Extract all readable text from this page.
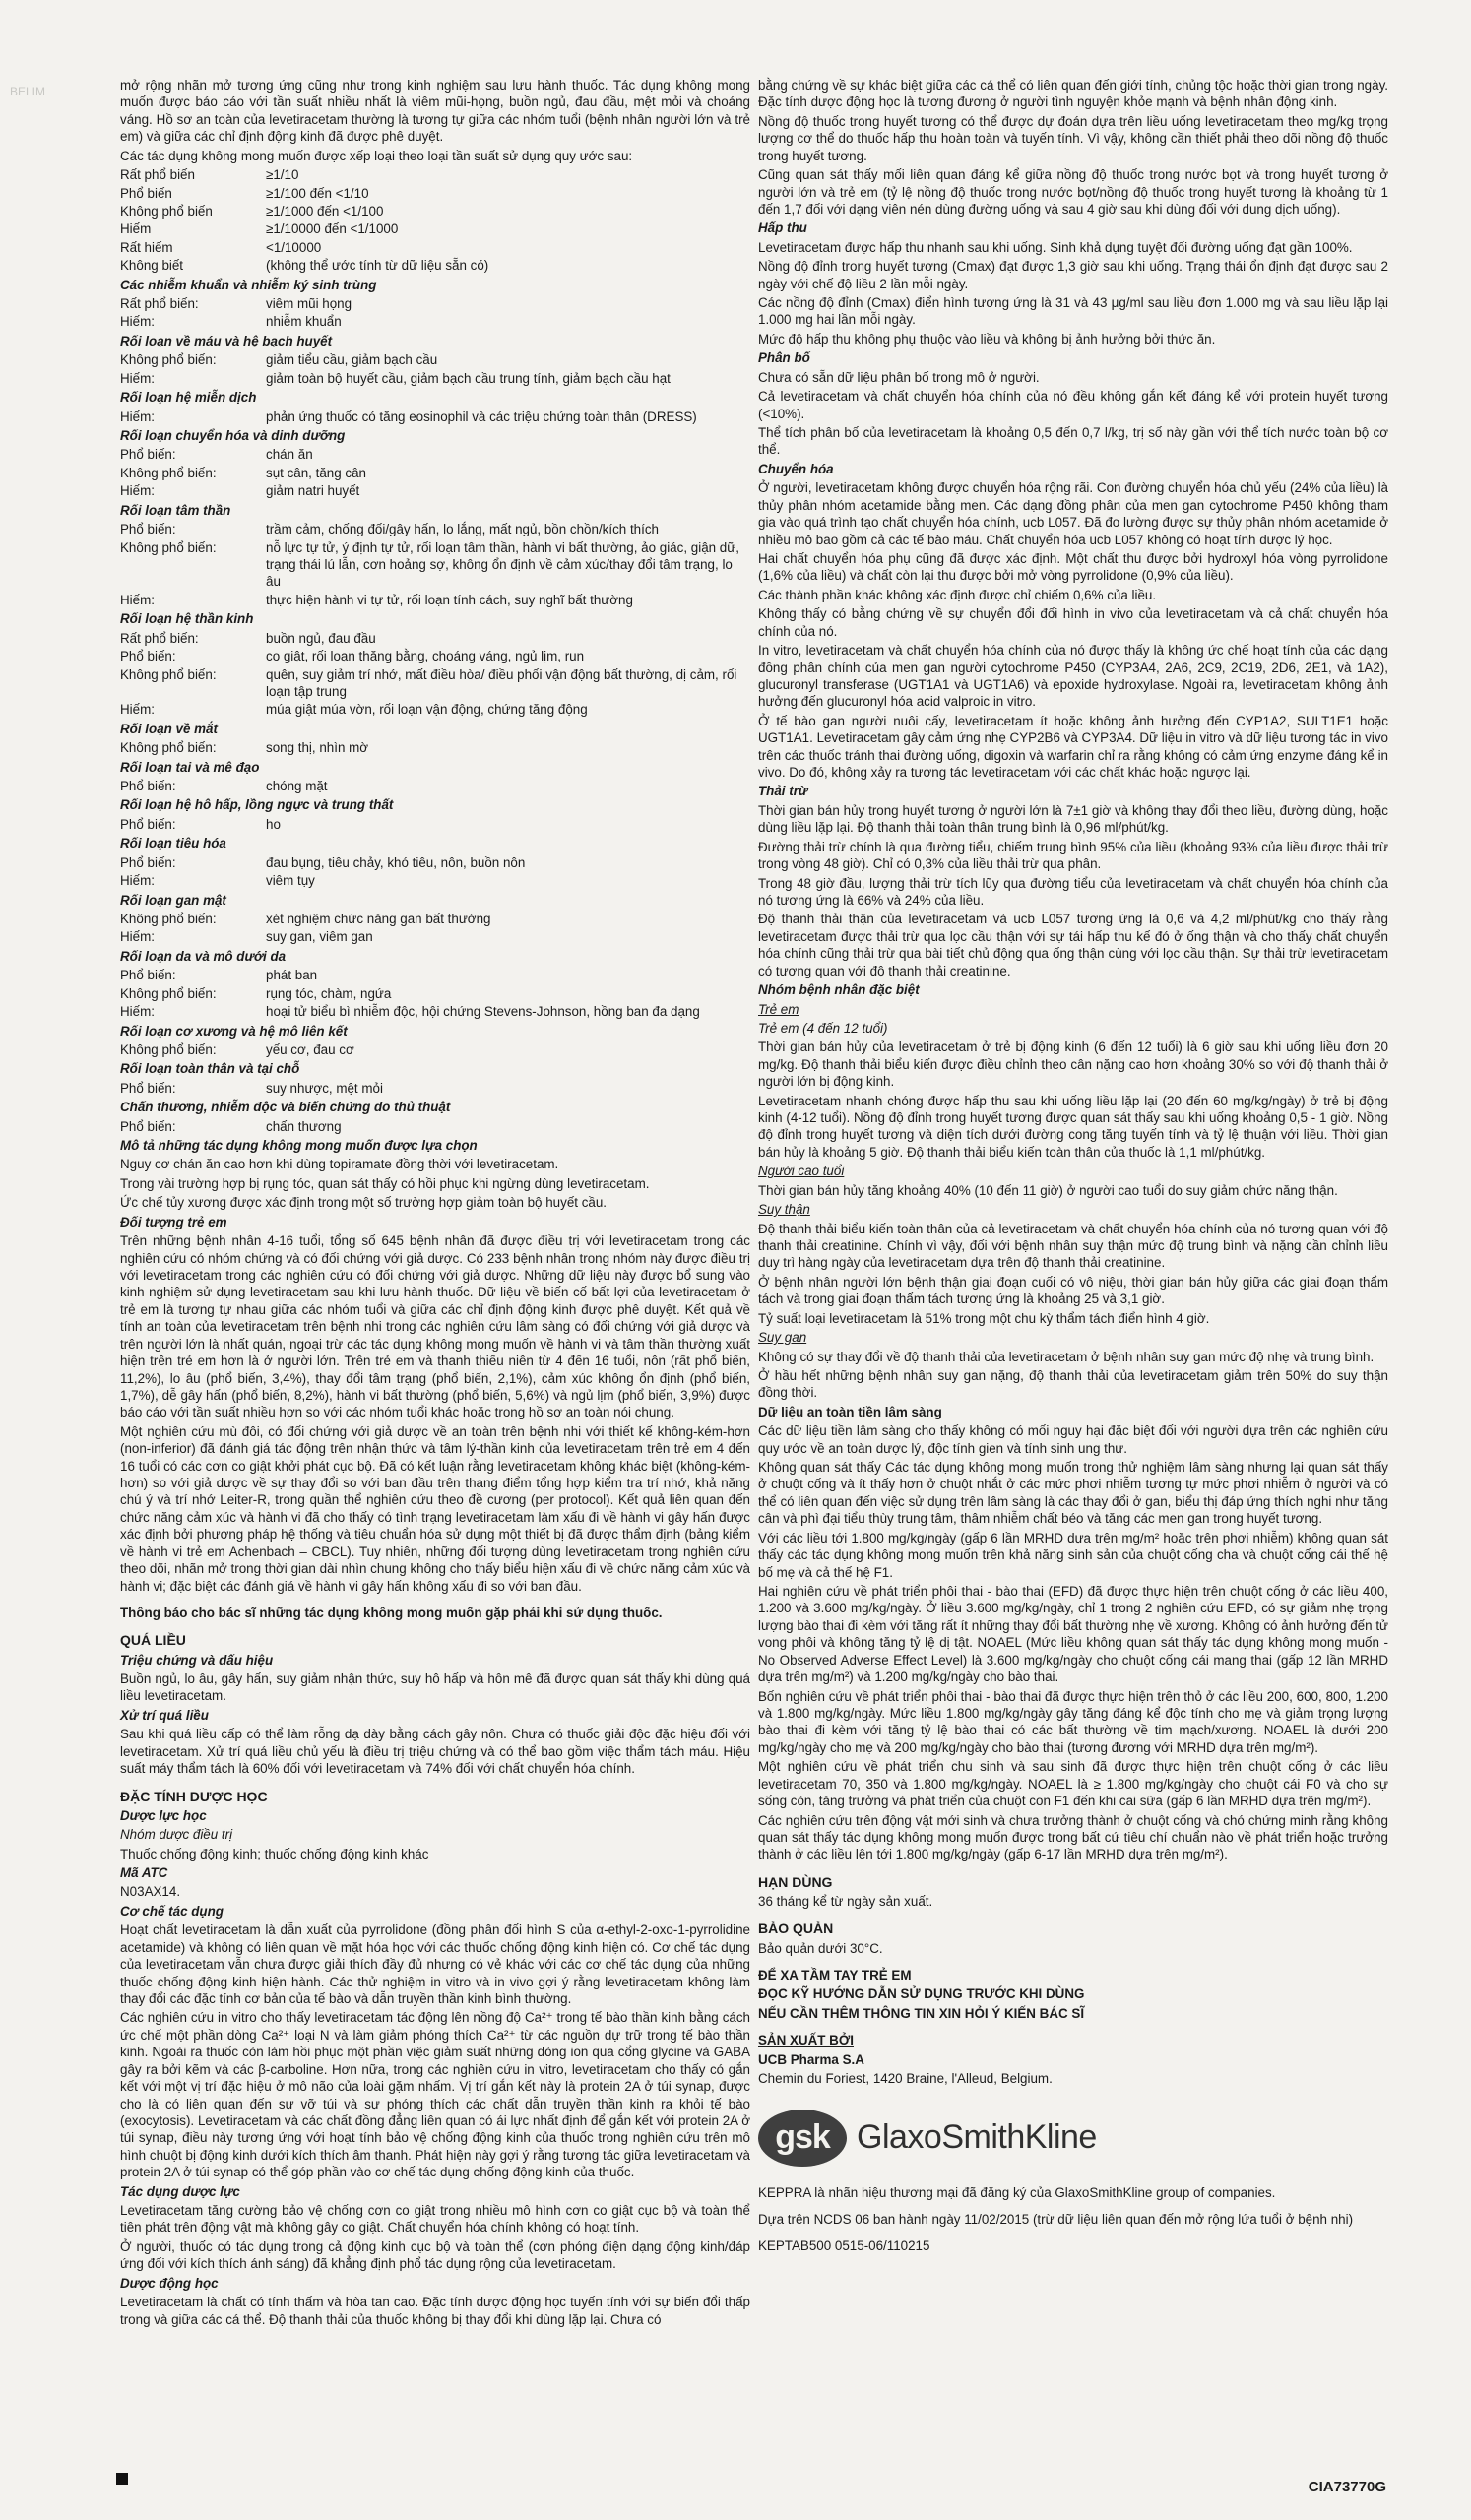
BELIM	mở rộng nhãn mở tương ứng cũng như trong kinh nghiệm sau lưu hành thuốc. Tác dụng không mong muốn được báo cáo với tần suất nhiều nhất là viêm mũi-họng, buồn ngủ, đau đầu, mệt mỏi và choáng váng. Hồ sơ an toàn của levetiracetam thường là tương tự giữa các nhóm tuổi (bệnh nhân người lớn và trẻ em) và giữa các chỉ định động kinh đã được phê duyệt.

Các tác dụng không mong muốn được xếp loại theo loại tần suất sử dụng quy ước sau:

Rất phổ biến	≥1/10
Phổ biến	≥1/100 đến <1/10
Không phổ biến	≥1/1000 đến <1/100
Hiếm	≥1/10000 đến <1/1000
Rất hiếm	<1/10000
Không biết	(không thể ước tính từ dữ liệu sẵn có)

Các nhiễm khuẩn và nhiễm ký sinh trùng

Rất phổ biến:	viêm mũi họng
Hiếm:	nhiễm khuẩn

Rối loạn về máu và hệ bạch huyết

Không phổ biến:	giảm tiểu cầu, giảm bạch cầu
Hiếm:	giảm toàn bộ huyết cầu, giảm bạch cầu trung tính, giảm bạch cầu hạt

Rối loạn hệ miễn dịch

Hiếm:	phản ứng thuốc có tăng eosinophil và các triệu chứng toàn thân (DRESS)

Rối loạn chuyển hóa và dinh dưỡng

Phổ biến:	chán ăn
Không phổ biến:	sụt cân, tăng cân
Hiếm:	giảm natri huyết

Rối loạn tâm thần

Phổ biến:	trầm cảm, chống đối/gây hấn, lo lắng, mất ngủ, bồn chồn/kích thích
Không phổ biến:	nỗ lực tự tử, ý định tự tử, rối loạn tâm thần, hành vi bất thường, ảo giác, giận dữ, trạng thái lú lẫn, cơn hoảng sợ, không ổn định về cảm xúc/thay đổi tâm trạng, lo âu
Hiếm:	thực hiện hành vi tự tử, rối loạn tính cách, suy nghĩ bất thường

Rối loạn hệ thần kinh

Rất phổ biến:	buồn ngủ, đau đầu
Phổ biến:	co giật, rối loạn thăng bằng, choáng váng, ngủ lịm, run
Không phổ biến:	quên, suy giảm trí nhớ, mất điều hòa/ điều phối vận động bất thường, dị cảm, rối loạn tập trung
Hiếm:	múa giật múa vờn, rối loạn vận động, chứng tăng động

Rối loạn về mắt

Không phổ biến:	song thị, nhìn mờ

Rối loạn tai và mê đạo

Phổ biến:	chóng mặt

Rối loạn hệ hô hấp, lồng ngực và trung thất

Phổ biến:	ho

Rối loạn tiêu hóa

Phổ biến:	đau bụng, tiêu chảy, khó tiêu, nôn, buồn nôn
Hiếm:	viêm tụy

Rối loạn gan mật

Không phổ biến:	xét nghiệm chức năng gan bất thường
Hiếm:	suy gan, viêm gan

Rối loạn da và mô dưới da

Phổ biến:	phát ban
Không phổ biến:	rụng tóc, chàm, ngứa
Hiếm:	hoại tử biểu bì nhiễm độc, hội chứng Stevens-Johnson, hồng ban đa dạng

Rối loạn cơ xương và hệ mô liên kết

Không phổ biến:	yếu cơ, đau cơ

Rối loạn toàn thân và tại chỗ

Phổ biến:	suy nhược, mệt mỏi

Chấn thương, nhiễm độc và biến chứng do thủ thuật

Phổ biến:	chấn thương

Mô tả những tác dụng không mong muốn được lựa chọn

Nguy cơ chán ăn cao hơn khi dùng topiramate đồng thời với levetiracetam.

Trong vài trường hợp bị rụng tóc, quan sát thấy có hồi phục khi ngừng dùng levetiracetam.

Ức chế tủy xương được xác định trong một số trường hợp giảm toàn bộ huyết cầu.

Đối tượng trẻ em

Trên những bệnh nhân 4-16 tuổi, tổng số 645 bệnh nhân đã được điều trị với levetiracetam trong các nghiên cứu có nhóm chứng và có đối chứng với giả dược. Có 233 bệnh nhân trong nhóm này được điều trị với levetiracetam trong các nghiên cứu có đối chứng với giả dược. Những dữ liệu này được bổ sung vào kinh nghiệm sử dụng levetiracetam sau khi lưu hành thuốc. Dữ liệu về biến cố bất lợi của levetiracetam ở trẻ em là tương tự nhau giữa các nhóm tuổi và giữa các chỉ định động kinh được phê duyệt. Kết quả về tính an toàn của levetiracetam trên bệnh nhi trong các nghiên cứu lâm sàng có đối chứng với giả dược và trên người lớn là nhất quán, ngoại trừ các tác dụng không mong muốn về hành vi và tâm thần thường xuất hiện trên trẻ em hơn là ở người lớn. Trên trẻ em và thanh thiếu niên từ 4 đến 16 tuổi, nôn (rất phổ biến, 11,2%), lo âu (phổ biến, 3,4%), thay đổi tâm trạng (phổ biến, 2,1%), cảm xúc không ổn định (phổ biến, 1,7%), dễ gây hấn (phổ biến, 8,2%), hành vi bất thường (phổ biến, 5,6%) và ngủ lịm (phổ biến, 3,9%) được báo cáo với tần suất nhiều hơn so với các nhóm tuổi khác hoặc trong hồ sơ an toàn nói chung.

Một nghiên cứu mù đôi, có đối chứng với giả dược về an toàn trên bệnh nhi với thiết kế không-kém-hơn (non-inferior) đã đánh giá tác động trên nhận thức và tâm lý-thần kinh của levetiracetam trên trẻ em 4 đến 16 tuổi có các cơn co giật khởi phát cục bộ. Đã có kết luận rằng levetiracetam không khác biệt (không-kém-hơn) so với giả dược về sự thay đổi so với ban đầu trên thang điểm tổng hợp kiểm tra trí nhớ, khả năng chú ý và trí nhớ Leiter-R, trong quần thể nghiên cứu theo đề cương (per protocol). Kết quả liên quan đến chức năng cảm xúc và hành vi đã cho thấy có tình trạng levetiracetam làm xấu đi về hành vi gây hấn được xác định bởi phương pháp hệ thống và tiêu chuẩn hóa sử dụng một thiết bị đã được thẩm định (bảng kiểm về hành vi trẻ em Achenbach – CBCL). Tuy nhiên, những đối tượng dùng levetiracetam trong nghiên cứu theo dõi, nhãn mở trong thời gian dài nhìn chung không cho thấy biểu hiện xấu đi về chức năng cảm xúc và hành vi; đặc biệt các đánh giá về hành vi gây hấn không xấu đi so với ban đầu.

Thông báo cho bác sĩ những tác dụng không mong muốn gặp phải khi sử dụng thuốc.

QUÁ LIỀU

Triệu chứng và dấu hiệu

Buồn ngủ, lo âu, gây hấn, suy giảm nhận thức, suy hô hấp và hôn mê đã được quan sát thấy khi dùng quá liều levetiracetam.

Xử trí quá liều

Sau khi quá liều cấp có thể làm rỗng dạ dày bằng cách gây nôn. Chưa có thuốc giải độc đặc hiệu đối với levetiracetam. Xử trí quá liều chủ yếu là điều trị triệu chứng và có thể bao gồm việc thẩm tách máu. Hiệu suất máy thẩm tách là 60% đối với levetiracetam và 74% đối với chất chuyển hóa chính.

ĐẶC TÍNH DƯỢC HỌC

Dược lực học

Nhóm dược điều trị

Thuốc chống động kinh; thuốc chống động kinh khác

Mã ATC

N03AX14.

Cơ chế tác dụng

Hoạt chất levetiracetam là dẫn xuất của pyrrolidone (đồng phân đối hình S của α-ethyl-2-oxo-1-pyrrolidine acetamide) và không có liên quan về mặt hóa học với các thuốc chống động kinh hiện có. Cơ chế tác dụng của levetiracetam vẫn chưa được giải thích đầy đủ nhưng có vẻ khác với các cơ chế tác dụng của những thuốc chống động kinh hiện hành. Các thử nghiệm in vitro và in vivo gợi ý rằng levetiracetam không làm thay đổi các đặc tính cơ bản của tế bào và dẫn truyền thần kinh bình thường.

Các nghiên cứu in vitro cho thấy levetiracetam tác động lên nồng độ Ca²⁺ trong tế bào thần kinh bằng cách ức chế một phần dòng Ca²⁺ loại N và làm giảm phóng thích Ca²⁺ từ các nguồn dự trữ trong tế bào thần kinh. Ngoài ra thuốc còn làm hồi phục một phần việc giảm suất những dòng ion qua cổng glycine và GABA gây ra bởi kẽm và các β-carboline. Hơn nữa, trong các nghiên cứu in vitro, levetiracetam cho thấy có gắn kết với một vị trí đặc hiệu ở mô não của loài gặm nhấm. Vị trí gắn kết này là protein 2A ở túi synap, được cho là có liên quan đến sự vỡ túi và sự phóng thích các chất dẫn truyền thần kinh ra khỏi tế bào (exocytosis). Levetiracetam và các chất đồng đẳng liên quan có ái lực nhất định để gắn kết với protein 2A ở túi synap, điều này tương ứng với hoạt tính bảo vệ chống động kinh của thuốc trong nghiên cứu trên mô hình chuột bị động kinh dưới kích thích âm thanh. Phát hiện này gợi ý rằng tương tác giữa levetiracetam và protein 2A ở túi synap có thể góp phần vào cơ chế tác dụng chống động kinh của thuốc.

Tác dụng dược lực

Levetiracetam tăng cường bảo vệ chống cơn co giật trong nhiều mô hình cơn co giật cục bộ và toàn thể tiên phát trên động vật mà không gây co giật. Chất chuyển hóa chính không có hoạt tính.

Ở người, thuốc có tác dụng trong cả động kinh cục bộ và toàn thể (cơn phóng điện dạng động kinh/đáp ứng đối với kích thích ánh sáng) đã khẳng định phổ tác dụng rộng của levetiracetam.

Dược động học

Levetiracetam là chất có tính thấm và hòa tan cao. Đặc tính dược động học tuyến tính với sự biến đổi thấp trong và giữa các cá thể. Độ thanh thải của thuốc không bị thay đổi khi dùng lặp lại. Chưa có

bằng chứng về sự khác biệt giữa các cá thể có liên quan đến giới tính, chủng tộc hoặc thời gian trong ngày. Đặc tính dược động học là tương đương ở người tình nguyện khỏe mạnh và bệnh nhân động kinh.

Nồng độ thuốc trong huyết tương có thể được dự đoán dựa trên liều uống levetiracetam theo mg/kg trọng lượng cơ thể do thuốc hấp thu hoàn toàn và tuyến tính. Vì vậy, không cần thiết phải theo dõi nồng độ thuốc trong huyết tương.

Cũng quan sát thấy mối liên quan đáng kể giữa nồng độ thuốc trong nước bọt và trong huyết tương ở người lớn và trẻ em (tỷ lệ nồng độ thuốc trong nước bọt/nồng độ thuốc trong huyết tương là khoảng từ 1 đến 1,7 đối với dạng viên nén dùng đường uống và sau 4 giờ sau khi dùng đối với dung dịch uống).

Hấp thu

Levetiracetam được hấp thu nhanh sau khi uống. Sinh khả dụng tuyệt đối đường uống đạt gần 100%.

Nồng độ đỉnh trong huyết tương (Cmax) đạt được 1,3 giờ sau khi uống. Trạng thái ổn định đạt được sau 2 ngày với chế độ liều 2 lần mỗi ngày.

Các nồng độ đỉnh (Cmax) điển hình tương ứng là 31 và 43 μg/ml sau liều đơn 1.000 mg và sau liều lặp lại 1.000 mg hai lần mỗi ngày.

Mức độ hấp thu không phụ thuộc vào liều và không bị ảnh hưởng bởi thức ăn.

Phân bố

Chưa có sẵn dữ liệu phân bố trong mô ở người.

Cả levetiracetam và chất chuyển hóa chính của nó đều không gắn kết đáng kể với protein huyết tương (<10%).

Thể tích phân bố của levetiracetam là khoảng 0,5 đến 0,7 l/kg, trị số này gần với thể tích nước toàn bộ cơ thể.

Chuyển hóa

Ở người, levetiracetam không được chuyển hóa rộng rãi. Con đường chuyển hóa chủ yếu (24% của liều) là thủy phân nhóm acetamide bằng men. Các dạng đồng phân của men gan cytochrome P450 không tham gia vào quá trình tạo chất chuyển hóa chính, ucb L057. Đã đo lường được sự thủy phân nhóm acetamide ở nhiều mô bao gồm cả các tế bào máu. Chất chuyển hóa ucb L057 không có hoạt tính dược lý học.

Hai chất chuyển hóa phụ cũng đã được xác định. Một chất thu được bởi hydroxyl hóa vòng pyrrolidone (1,6% của liều) và chất còn lại thu được bởi mở vòng pyrrolidone (0,9% của liều).

Các thành phần khác không xác định được chỉ chiếm 0,6% của liều.

Không thấy có bằng chứng về sự chuyển đổi đối hình in vivo của levetiracetam và cả chất chuyển hóa chính của nó.

In vitro, levetiracetam và chất chuyển hóa chính của nó được thấy là không ức chế hoạt tính của các dạng đồng phân chính của men gan người cytochrome P450 (CYP3A4, 2A6, 2C9, 2C19, 2D6, 2E1, và 1A2), glucuronyl transferase (UGT1A1 và UGT1A6) và epoxide hydroxylase. Ngoài ra, levetiracetam không ảnh hưởng đến glucuronyl hóa acid valproic in vitro.

Ở tế bào gan người nuôi cấy, levetiracetam ít hoặc không ảnh hưởng đến CYP1A2, SULT1E1 hoặc UGT1A1. Levetiracetam gây cảm ứng nhẹ CYP2B6 và CYP3A4. Dữ liệu in vitro và dữ liệu tương tác in vivo trên các thuốc tránh thai đường uống, digoxin và warfarin chỉ ra rằng không có cảm ứng enzyme đáng kể in vivo. Do đó, không xảy ra tương tác levetiracetam với các chất khác hoặc ngược lại.

Thải trừ

Thời gian bán hủy trong huyết tương ở người lớn là 7±1 giờ và không thay đổi theo liều, đường dùng, hoặc dùng liều lặp lại. Độ thanh thải toàn thân trung bình là 0,96 ml/phút/kg.

Đường thải trừ chính là qua đường tiểu, chiếm trung bình 95% của liều (khoảng 93% của liều được thải trừ trong vòng 48 giờ). Chỉ có 0,3% của liều thải trừ qua phân.

Trong 48 giờ đầu, lượng thải trừ tích lũy qua đường tiểu của levetiracetam và chất chuyển hóa chính của nó tương ứng là 66% và 24% của liều.

Độ thanh thải thận của levetiracetam và ucb L057 tương ứng là 0,6 và 4,2 ml/phút/kg cho thấy rằng levetiracetam được thải trừ qua lọc cầu thận với sự tái hấp thu kế đó ở ống thận và cho thấy chất chuyển hóa chính cũng thải trừ qua bài tiết chủ động qua ống thận cùng với lọc cầu thận. Sự thải trừ levetiracetam có tương quan với độ thanh thải creatinine.

Nhóm bệnh nhân đặc biệt

Trẻ em

Trẻ em (4 đến 12 tuổi)

Thời gian bán hủy của levetiracetam ở trẻ bị động kinh (6 đến 12 tuổi) là 6 giờ sau khi uống liều đơn 20 mg/kg. Độ thanh thải biểu kiến được điều chỉnh theo cân nặng cao hơn khoảng 30% so với độ thanh thải ở người lớn bị động kinh.

Levetiracetam nhanh chóng được hấp thu sau khi uống liều lặp lại (20 đến 60 mg/kg/ngày) ở trẻ bị động kinh (4-12 tuổi). Nồng độ đỉnh trong huyết tương được quan sát thấy sau khi uống khoảng 0,5 - 1 giờ. Nồng độ đỉnh trong huyết tương và diện tích dưới đường cong tăng tuyến tính và tỷ lệ thuận với liều. Thời gian bán hủy là khoảng 5 giờ. Độ thanh thải biểu kiến toàn thân của thuốc là 1,1 ml/phút/kg.

Người cao tuổi

Thời gian bán hủy tăng khoảng 40% (10 đến 11 giờ) ở người cao tuổi do suy giảm chức năng thận.

Suy thận

Độ thanh thải biểu kiến toàn thân của cả levetiracetam và chất chuyển hóa chính của nó tương quan với độ thanh thải creatinine. Chính vì vậy, đối với bệnh nhân suy thận mức độ trung bình và nặng cần chỉnh liều duy trì hàng ngày của levetiracetam dựa trên độ thanh thải creatinine.

Ở bệnh nhân người lớn bệnh thận giai đoạn cuối có vô niệu, thời gian bán hủy giữa các giai đoạn thẩm tách và trong giai đoạn thẩm tách tương ứng là khoảng 25 và 3,1 giờ.

Tỷ suất loại levetiracetam là 51% trong một chu kỳ thẩm tách điển hình 4 giờ.

Suy gan

Không có sự thay đổi về độ thanh thải của levetiracetam ở bệnh nhân suy gan mức độ nhẹ và trung bình.

Ở hầu hết những bệnh nhân suy gan nặng, độ thanh thải của levetiracetam giảm trên 50% do suy thận đồng thời.

Dữ liệu an toàn tiền lâm sàng

Các dữ liệu tiền lâm sàng cho thấy không có mối nguy hại đặc biệt đối với người dựa trên các nghiên cứu quy ước về an toàn dược lý, độc tính gien và tính sinh ung thư.

Không quan sát thấy Các tác dụng không mong muốn trong thử nghiệm lâm sàng nhưng lại quan sát thấy ở chuột cống và ít thấy hơn ở chuột nhắt ở các mức phơi nhiễm tương tự mức phơi nhiễm ở người và có thể có liên quan đến việc sử dụng trên lâm sàng là các thay đổi ở gan, biểu thị đáp ứng thích nghi như tăng cân và phì đại tiểu thùy trung tâm, thâm nhiễm chất béo và tăng các men gan trong huyết tương.

Với các liều tới 1.800 mg/kg/ngày (gấp 6 lần MRHD dựa trên mg/m² hoặc trên phơi nhiễm) không quan sát thấy các tác dụng không mong muốn trên khả năng sinh sản của chuột cống cha và chuột cống cái thế hệ bố mẹ và cả thế hệ F1.

Hai nghiên cứu về phát triển phôi thai - bào thai (EFD) đã được thực hiện trên chuột cống ở các liều 400, 1.200 và 3.600 mg/kg/ngày. Ở liều 3.600 mg/kg/ngày, chỉ 1 trong 2 nghiên cứu EFD, có sự giảm nhẹ trọng lượng bào thai đi kèm với tăng rất ít những thay đổi bất thường nhẹ về xương. Không có ảnh hưởng đến tử vong phôi và không tăng tỷ lệ dị tật. NOAEL (Mức liều không quan sát thấy tác dụng không mong muốn - No Observed Adverse Effect Level) là 3.600 mg/kg/ngày cho chuột cống cái mang thai (gấp 12 lần MRHD dựa trên mg/m²) và 1.200 mg/kg/ngày cho bào thai.

Bốn nghiên cứu về phát triển phôi thai - bào thai đã được thực hiện trên thỏ ở các liều 200, 600, 800, 1.200 và 1.800 mg/kg/ngày. Mức liều 1.800 mg/kg/ngày gây tăng đáng kể độc tính cho mẹ và giảm trọng lượng bào thai đi kèm với tăng tỷ lệ bào thai có các bất thường về tim mạch/xương. NOAEL là dưới 200 mg/kg/ngày cho mẹ và 200 mg/kg/ngày cho bào thai (tương đương với MRHD dựa trên mg/m²).

Một nghiên cứu về phát triển chu sinh và sau sinh đã được thực hiện trên chuột cống ở các liều levetiracetam 70, 350 và 1.800 mg/kg/ngày. NOAEL là ≥ 1.800 mg/kg/ngày cho chuột cái F0 và cho sự sống còn, tăng trưởng và phát triển của chuột con F1 đến khi cai sữa (gấp 6 lần MRHD dựa trên mg/m²).

Các nghiên cứu trên động vật mới sinh và chưa trưởng thành ở chuột cống và chó chứng minh rằng không quan sát thấy tác dụng không mong muốn được trong bất cứ tiêu chí chuẩn nào về phát triển hoặc trưởng thành ở các liều lên tới 1.800 mg/kg/ngày (gấp 6-17 lần MRHD dựa trên mg/m²).

HẠN DÙNG

36 tháng kể từ ngày sản xuất.

BẢO QUẢN

Bảo quản dưới 30°C.

ĐỂ XA TẦM TAY TRẺ EM

ĐỌC KỸ HƯỚNG DẪN SỬ DỤNG TRƯỚC KHI DÙNG

NẾU CẦN THÊM THÔNG TIN XIN HỎI Ý KIẾN BÁC SĨ

SẢN XUẤT BỞI

UCB Pharma S.A

Chemin du Foriest, 1420 Braine, l'Alleud, Belgium.

gsk GlaxoSmithKline

KEPPRA là nhãn hiệu thương mại đã đăng ký của GlaxoSmithKline group of companies.

Dựa trên NCDS 06 ban hành ngày 11/02/2015 (trừ dữ liệu liên quan đến mở rộng lứa tuổi ở bệnh nhi)

KEPTAB500 0515-06/110215

CIA73770G
